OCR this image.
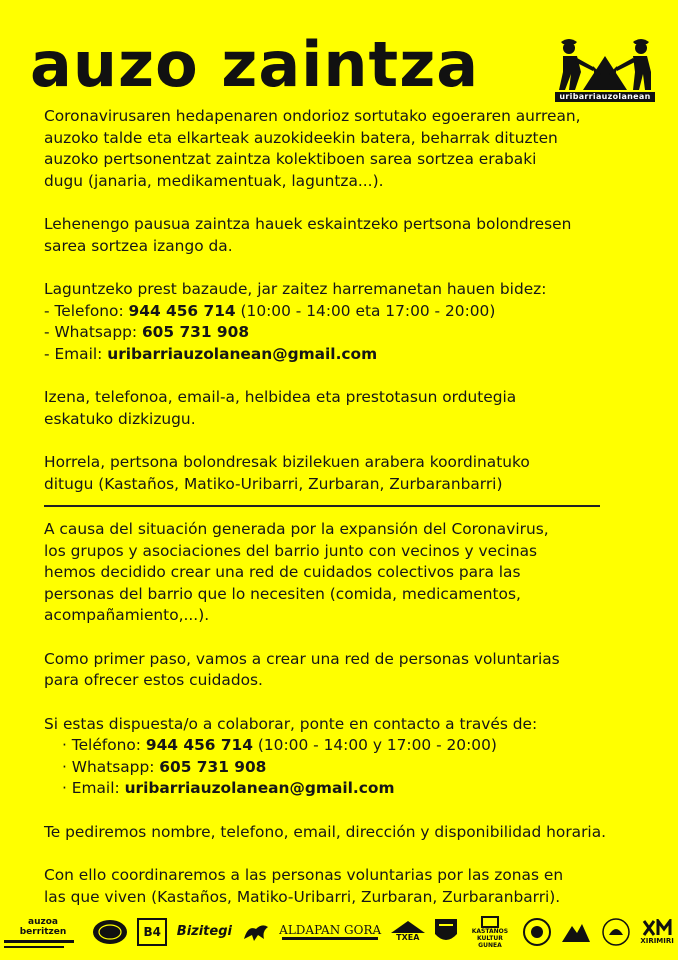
auzo zaintza	uribarriauzolanean
Coronavirusaren hedapenaren ondorioz sortutako egoeraren aurrean,
auzoko talde eta elkarteak auzokideekin batera, beharrak dituzten
auzoko pertsonentzat zaintza kolektiboen sarea sortzea erabaki
dugu (janaria, medikamentuak, laguntza...).
Lehenengo pausua zaintza hauek eskaintzeko pertsona bolondresen
sarea sortzea izango da.
Laguntzeko prest bazaude, jar zaitez harremanetan hauen bidez:
- Telefono: 944 456 714 (10:00 - 14:00 eta 17:00 - 20:00)
- Whatsapp: 605 731 908
- Email: uribarriauzolanean@gmail.com
Izena, telefonoa, email-a, helbidea eta prestotasun ordutegia
eskatuko dizkizugu.
Horrela, pertsona bolondresak bizilekuen arabera koordinatuko
ditugu (Kastaños, Matiko-Uribarri, Zurbaran, Zurbaranbarri)
A causa del situación generada por la expansión del Coronavirus,
los grupos y asociaciones del barrio junto con vecinos y vecinas
hemos decidido crear una red de cuidados colectivos para las
personas del barrio que lo necesiten (comida, medicamentos,
acompañamiento,...).
Como primer paso, vamos a crear una red de personas voluntarias
para ofrecer estos cuidados.
Si estas dispuesta/o a colaborar, ponte en contacto a través de:
· Teléfono: 944 456 714 (10:00 - 14:00 y 17:00 - 20:00)
· Whatsapp: 605 731 908
· Email: uribarriauzolanean@gmail.com
Te pediremos nombre, telefono, email, dirección y disponibilidad horaria.
Con ello coordinaremos a las personas voluntarias por las zonas en
las que viven (Kastaños, Matiko-Uribarri, Zurbaran, Zurbaranbarri).
auzoa berritzen	B4 Bizitegi	ALDAPAN GORA
TXEA
KASTAÑOS KULTUR GUNEA	XIRIMIRI
